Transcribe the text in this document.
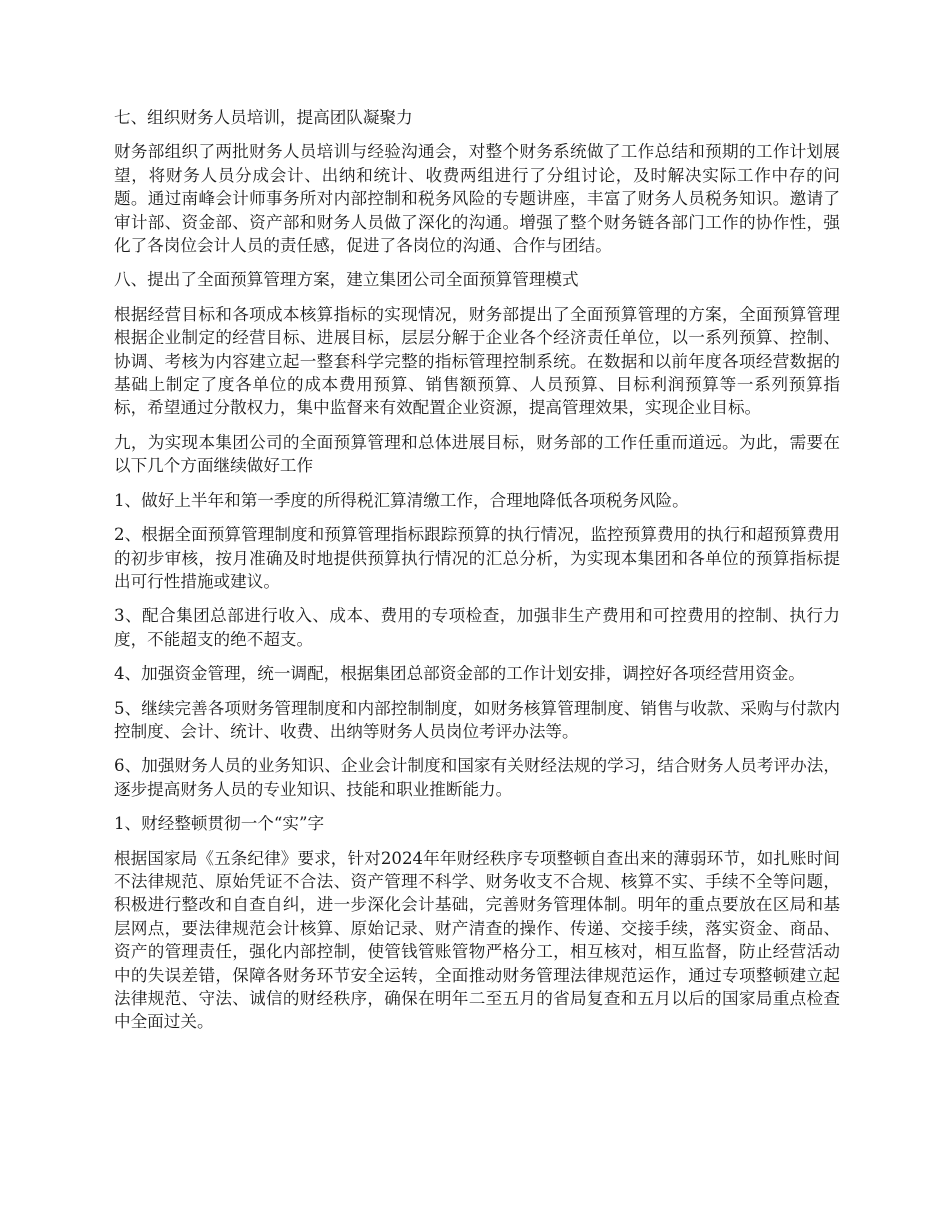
七、组织财务人员培训，提高团队凝聚力

财务部组织了两批财务人员培训与经验沟通会，对整个财务系统做了工作总结和预期的工作计划展望，将财务人员分成会计、出纳和统计、收费两组进行了分组讨论，及时解决实际工作中存的问题。通过南峰会计师事务所对内部控制和税务风险的专题讲座，丰富了财务人员税务知识。邀请了审计部、资金部、资产部和财务人员做了深化的沟通。增强了整个财务链各部门工作的协作性，强化了各岗位会计人员的责任感，促进了各岗位的沟通、合作与团结。

八、提出了全面预算管理方案，建立集团公司全面预算管理模式

根据经营目标和各项成本核算指标的实现情况，财务部提出了全面预算管理的方案，全面预算管理根据企业制定的经营目标、进展目标，层层分解于企业各个经济责任单位，以一系列预算、控制、协调、考核为内容建立起一整套科学完整的指标管理控制系统。在数据和以前年度各项经营数据的基础上制定了度各单位的成本费用预算、销售额预算、人员预算、目标利润预算等一系列预算指标，希望通过分散权力，集中监督来有效配置企业资源，提高管理效果，实现企业目标。

九，为实现本集团公司的全面预算管理和总体进展目标，财务部的工作任重而道远。为此，需要在以下几个方面继续做好工作

1、做好上半年和第一季度的所得税汇算清缴工作，合理地降低各项税务风险。

2、根据全面预算管理制度和预算管理指标跟踪预算的执行情况，监控预算费用的执行和超预算费用的初步审核，按月准确及时地提供预算执行情况的汇总分析，为实现本集团和各单位的预算指标提出可行性措施或建议。

3、配合集团总部进行收入、成本、费用的专项检查，加强非生产费用和可控费用的控制、执行力度，不能超支的绝不超支。

4、加强资金管理，统一调配，根据集团总部资金部的工作计划安排，调控好各项经营用资金。

5、继续完善各项财务管理制度和内部控制制度，如财务核算管理制度、销售与收款、采购与付款内控制度、会计、统计、收费、出纳等财务人员岗位考评办法等。

6、加强财务人员的业务知识、企业会计制度和国家有关财经法规的学习，结合财务人员考评办法，逐步提高财务人员的专业知识、技能和职业推断能力。

1、财经整顿贯彻一个“实”字

根据国家局《五条纪律》要求，针对2024年年财经秩序专项整顿自查出来的薄弱环节，如扎账时间不法律规范、原始凭证不合法、资产管理不科学、财务收支不合规、核算不实、手续不全等问题，积极进行整改和自查自纠，进一步深化会计基础，完善财务管理体制。明年的重点要放在区局和基层网点，要法律规范会计核算、原始记录、财产清查的操作、传递、交接手续，落实资金、商品、资产的管理责任，强化内部控制，使管钱管账管物严格分工，相互核对，相互监督，防止经营活动中的失误差错，保障各财务环节安全运转，全面推动财务管理法律规范运作，通过专项整顿建立起法律规范、守法、诚信的财经秩序，确保在明年二至五月的省局复查和五月以后的国家局重点检查中全面过关。
